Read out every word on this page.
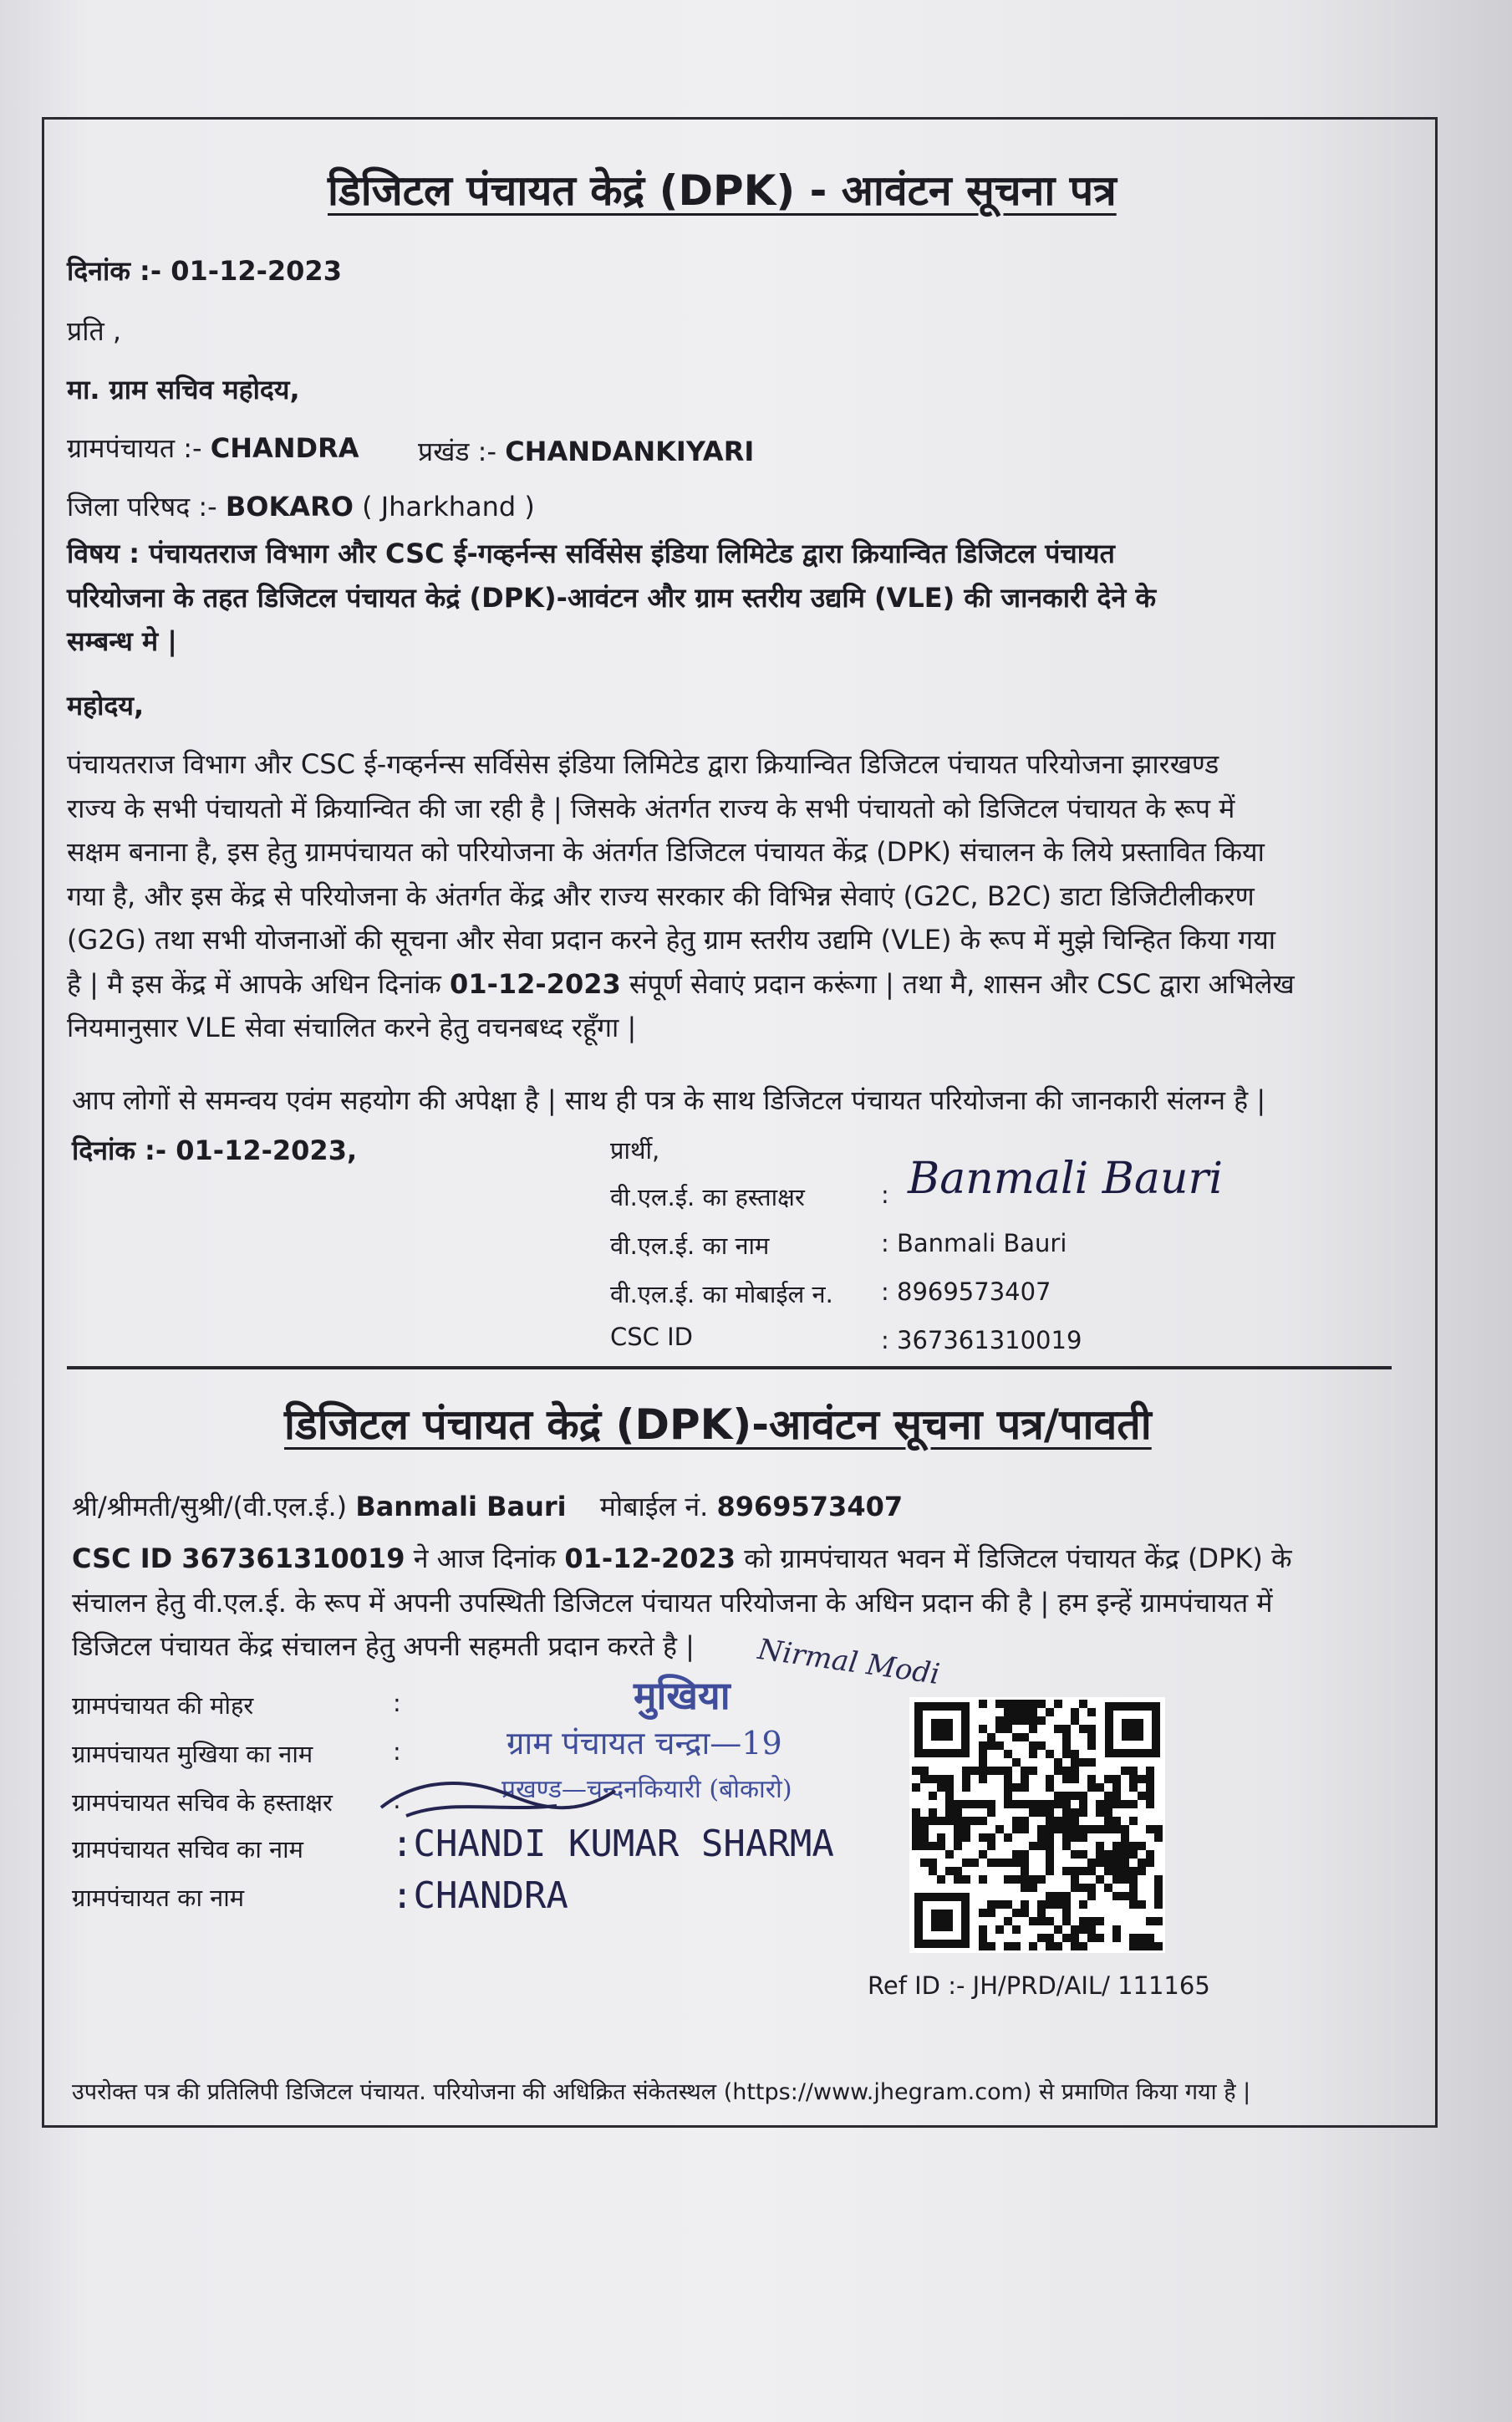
डिजिटल पंचायत केद्रं (DPK) - आवंटन सूचना पत्र
दिनांक :- 01-12-2023
प्रति ,
मा. ग्राम सचिव महोदय,
ग्रामपंचायत :- CHANDRA प्रखंड :- CHANDANKIYARI
जिला परिषद :- BOKARO ( Jharkhand )

विषय : पंचायतराज विभाग और CSC ई-गव्हर्नन्स सर्विसेस इंडिया लिमिटेड द्वारा क्रियान्वित डिजिटल पंचायत

परियोजना के तहत डिजिटल पंचायत केद्रं (DPK)-आवंटन और ग्राम स्तरीय उद्यमि (VLE) की जानकारी देने के

सम्बन्ध मे |

महोदय,

पंचायतराज विभाग और CSC ई-गव्हर्नन्स सर्विसेस इंडिया लिमिटेड द्वारा क्रियान्वित डिजिटल पंचायत परियोजना झारखण्ड

राज्य के सभी पंचायतो में क्रियान्वित की जा रही है | जिसके अंतर्गत राज्य के सभी पंचायतो को डिजिटल पंचायत के रूप में

सक्षम बनाना है, इस हेतु ग्रामपंचायत को परियोजना के अंतर्गत डिजिटल पंचायत केंद्र (DPK) संचालन के लिये प्रस्तावित किया

गया है, और इस केंद्र से परियोजना के अंतर्गत केंद्र और राज्य सरकार की विभिन्न सेवाएं (G2C, B2C) डाटा डिजिटीलीकरण

(G2G) तथा सभी योजनाओं की सूचना और सेवा प्रदान करने हेतु ग्राम स्तरीय उद्यमि (VLE) के रूप में मुझे चिन्हित किया गया

है | मै इस केंद्र में आपके अधिन दिनांक 01-12-2023 संपूर्ण सेवाएं प्रदान करूंगा | तथा मै, शासन और CSC द्वारा अभिलेख

नियमानुसार VLE सेवा संचालित करने हेतु वचनबध्द रहूँगा |

आप लोगों से समन्वय एवंम सहयोग की अपेक्षा है | साथ ही पत्र के साथ डिजिटल पंचायत परियोजना की जानकारी संलग्न है |
दिनांक :- 01-12-2023,	प्रार्थी,
वी.एल.ई. का हस्ताक्षर	: Banmali Bauri
वी.एल.ई. का नाम	: Banmali Bauri
वी.एल.ई. का मोबाईल न. : 8969573407
CSC ID	: 367361310019
डिजिटल पंचायत केद्रं (DPK)-आवंटन सूचना पत्र/पावती
श्री/श्रीमती/सुश्री/(वी.एल.ई.) Banmali Bauri मोबाईल नं. 8969573407

CSC ID 367361310019 ने आज दिनांक 01-12-2023 को ग्रामपंचायत भवन में डिजिटल पंचायत केंद्र (DPK) के

संचालन हेतु वी.एल.ई. के रूप में अपनी उपस्थिती डिजिटल पंचायत परियोजना के अधिन प्रदान की है | हम इन्हें ग्रामपंचायत में

डिजिटल पंचायत केंद्र संचालन हेतु अपनी सहमती प्रदान करते है |

ग्रामपंचायत की मोहर	:
ग्रामपंचायत मुखिया का नाम	:
ग्रामपंचायत सचिव के हस्ताक्षर :
ग्रामपंचायत सचिव का नाम :CHANDI KUMAR SHARMA
ग्रामपंचायत का नाम	:CHANDRA
मुखिया
ग्राम पंचायत चन्द्रा—19
प्रखण्ड—चन्दनकियारी (बोकारो)
Nirmal Modi
Ref ID :- JH/PRD/AIL/ 111165
उपरोक्त पत्र की प्रतिलिपी डिजिटल पंचायत. परियोजना की अधिक्रित संकेतस्थल (https://www.jhegram.com) से प्रमाणित किया गया है |
